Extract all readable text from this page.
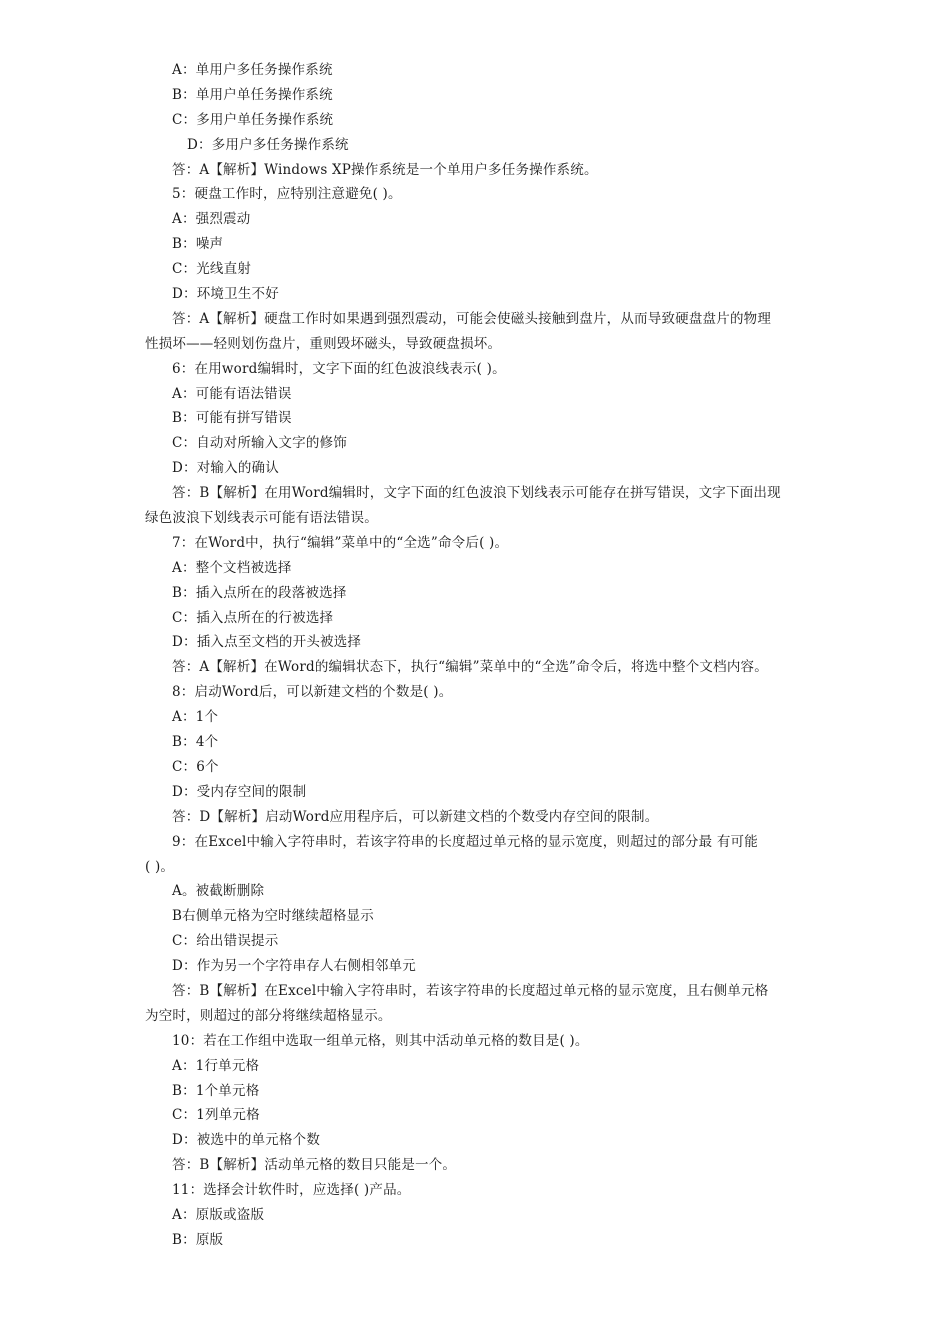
A：单用户多任务操作系统
B：单用户单任务操作系统
C：多用户单任务操作系统
D：多用户多任务操作系统
答：A【解析】Windows XP操作系统是一个单用户多任务操作系统。
5：硬盘工作时，应特别注意避免( )。
A：强烈震动
B：噪声
C：光线直射
D：环境卫生不好
答：A【解析】硬盘工作时如果遇到强烈震动，可能会使磁头接触到盘片，从而导致硬盘盘片的物理
性损坏——轻则划伤盘片，重则毁坏磁头，导致硬盘损坏。
6：在用word编辑时，文字下面的红色波浪线表示( )。
A：可能有语法错误
B：可能有拼写错误
C：自动对所输入文字的修饰
D：对输入的确认
答：B【解析】在用Word编辑时，文字下面的红色波浪下划线表示可能存在拼写错误，文字下面出现
绿色波浪下划线表示可能有语法错误。
7：在Word中，执行“编辑”菜单中的“全选”命令后( )。
A：整个文档被选择
B：插入点所在的段落被选择
C：插入点所在的行被选择
D：插入点至文档的开头被选择
答：A【解析】在Word的编辑状态下，执行“编辑”菜单中的“全选”命令后，将选中整个文档内容。
8：启动Word后，可以新建文档的个数是( )。
A：1个
B：4个
C：6个
D：受内存空间的限制
答：D【解析】启动Word应用程序后，可以新建文档的个数受内存空间的限制。
9：在Excel中输入字符串时，若该字符串的长度超过单元格的显示宽度，则超过的部分最 有可能
( )。
A。被截断删除
B右侧单元格为空时继续超格显示
C：给出错误提示
D：作为另一个字符串存人右侧相邻单元
答：B【解析】在Excel中输入字符串时，若该字符串的长度超过单元格的显示宽度，且右侧单元格
为空时，则超过的部分将继续超格显示。
10：若在工作组中选取一组单元格，则其中活动单元格的数目是( )。
A：1行单元格
B：1个单元格
C：1列单元格
D：被选中的单元格个数
答：B【解析】活动单元格的数目只能是一个。
11：选择会计软件时，应选择( )产品。
A：原版或盗版
B：原版
